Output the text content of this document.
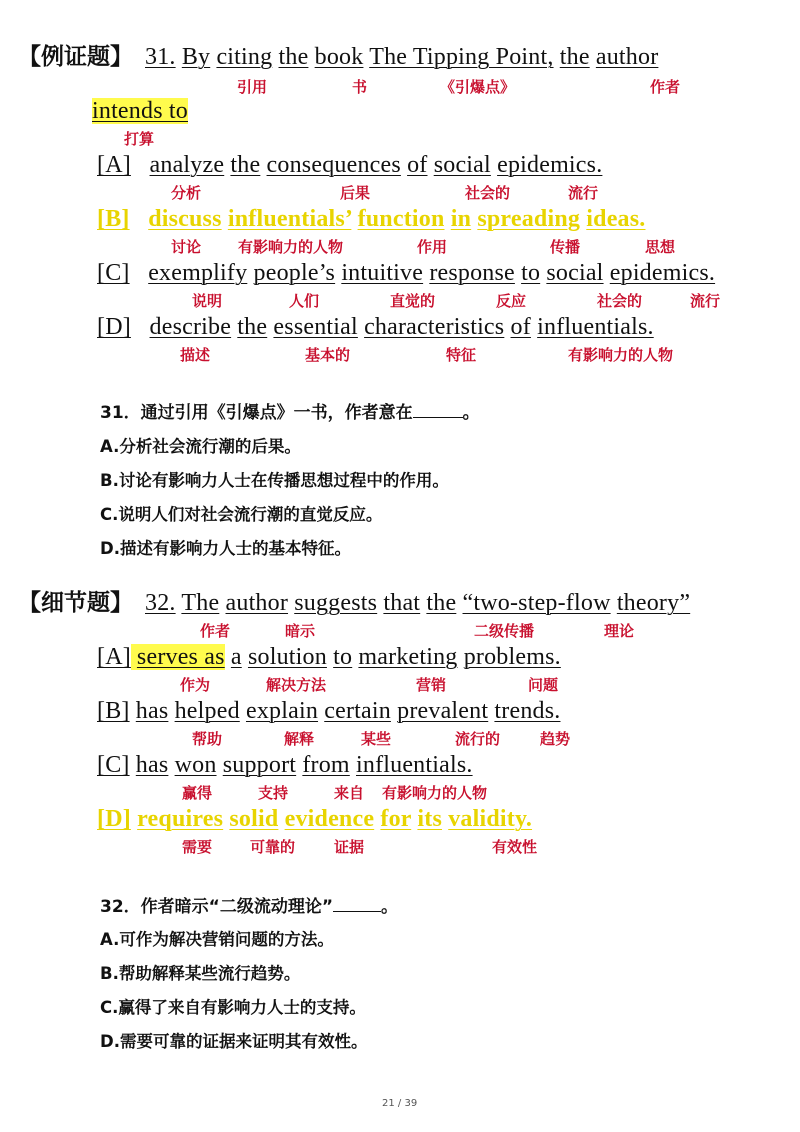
【例证题】 31. By citing the book The Tipping Point, the author
引用	书	《引爆点》	作者
intends to
打算
[A] analyze the consequences of social epidemics.
分析	后果	社会的	流行
[B] discuss influentials’ function in spreading ideas.
讨论 有影响力的人物	作用	传播	思想
[C] exemplify people’s intuitive response to social epidemics.
说明	人们	直觉的	反应	社会的	流行
[D] describe the essential characteristics of influentials.
描述	基本的	特征	有影响力的人物
31．通过引用《引爆点》一书，作者意在	。
A.分析社会流行潮的后果。
B.讨论有影响力人士在传播思想过程中的作用。
C.说明人们对社会流行潮的直觉反应。
D.描述有影响力人士的基本特征。
【细节题】 32. The author suggests that the “two-step-flow theory”
作者	暗示	二级传播	理论
[A] serves as a solution to marketing problems.
作为	解决方法	营销	问题
[B] has helped explain certain prevalent trends.
帮助	解释	某些	流行的	趋势
[C] has won support from influentials.
赢得	支持	来自 有影响力的人物
[D] requires solid evidence for its validity.
需要	可靠的	证据	有效性
32．作者暗示“二级流动理论”	。
A.可作为解决营销问题的方法。
B.帮助解释某些流行趋势。
C.赢得了来自有影响力人士的支持。
D.需要可靠的证据来证明其有效性。
21 / 39
